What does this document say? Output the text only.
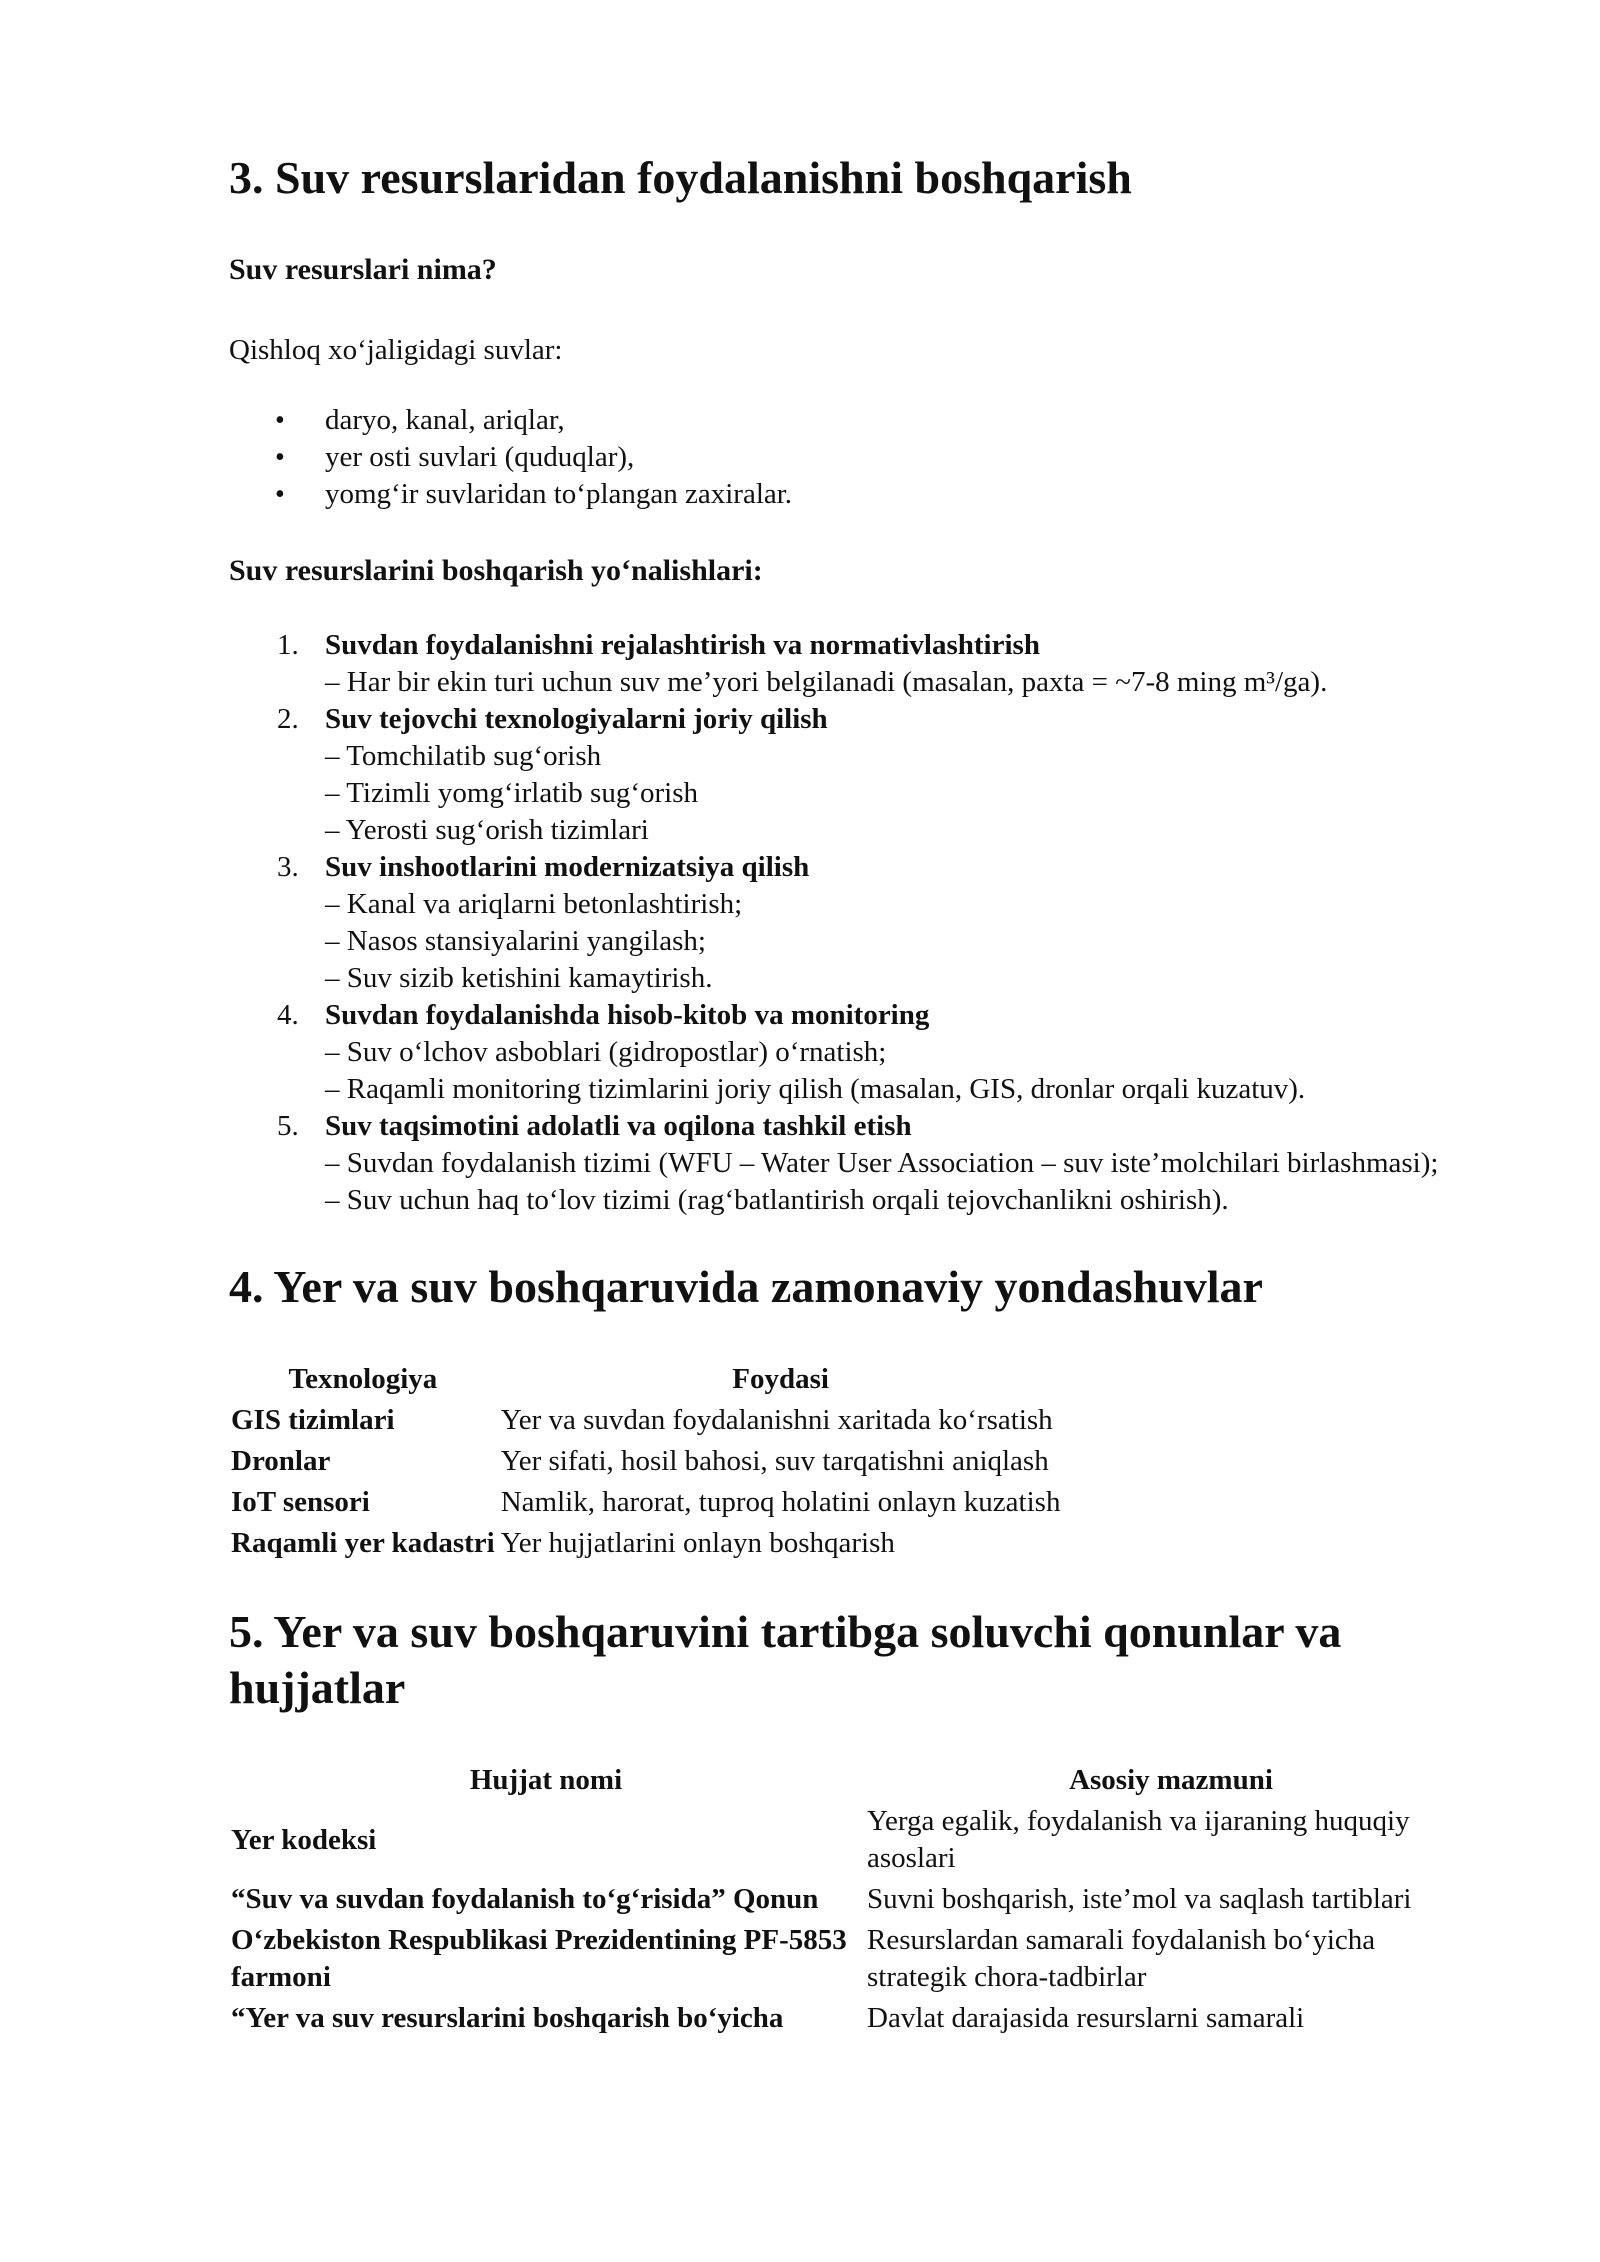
3. Suv resurslaridan foydalanishni boshqarish
Suv resurslari nima?

Qishloq xo‘jaligidagi suvlar:

• daryo, kanal, ariqlar,
• yer osti suvlari (quduqlar),
• yomg‘ir suvlaridan to‘plangan zaxiralar.
Suv resurslarini boshqarish yo‘nalishlari:
1. Suvdan foydalanishni rejalashtirish va normativlashtirish
– Har bir ekin turi uchun suv me’yori belgilanadi (masalan, paxta = ~7-8 ming m³/ga).
2. Suv tejovchi texnologiyalarni joriy qilish
– Tomchilatib sug‘orish
– Tizimli yomg‘irlatib sug‘orish
– Yerosti sug‘orish tizimlari
3. Suv inshootlarini modernizatsiya qilish
– Kanal va ariqlarni betonlashtirish;
– Nasos stansiyalarini yangilash;
– Suv sizib ketishini kamaytirish.
4. Suvdan foydalanishda hisob-kitob va monitoring
– Suv o‘lchov asboblari (gidropostlar) o‘rnatish;
– Raqamli monitoring tizimlarini joriy qilish (masalan, GIS, dronlar orqali kuzatuv).
5. Suv taqsimotini adolatli va oqilona tashkil etish
– Suvdan foydalanish tizimi (WFU – Water User Association – suv iste’molchilari birlashmasi);
– Suv uchun haq to‘lov tizimi (rag‘batlantirish orqali tejovchanlikni oshirish).
4. Yer va suv boshqaruvida zamonaviy yondashuvlar
Texnologiya	Foydasi
GIS tizimlari	Yer va suvdan foydalanishni xaritada ko‘rsatish
Dronlar	Yer sifati, hosil bahosi, suv tarqatishni aniqlash
IoT sensori	Namlik, harorat, tuproq holatini onlayn kuzatish
Raqamli yer kadastri	Yer hujjatlarini onlayn boshqarish
5. Yer va suv boshqaruvini tartibga soluvchi qonunlar va hujjatlar
Hujjat nomi	Asosiy mazmuni
Yer kodeksi	Yerga egalik, foydalanish va ijaraning huquqiy asoslari
“Suv va suvdan foydalanish to‘g‘risida” Qonun	Suvni boshqarish, iste’mol va saqlash tartiblari
O‘zbekiston Respublikasi Prezidentining PF-5853 farmoni	Resurslardan samarali foydalanish bo‘yicha strategik chora-tadbirlar
“Yer va suv resurslarini boshqarish bo‘yicha	Davlat darajasida resurslarni samarali
